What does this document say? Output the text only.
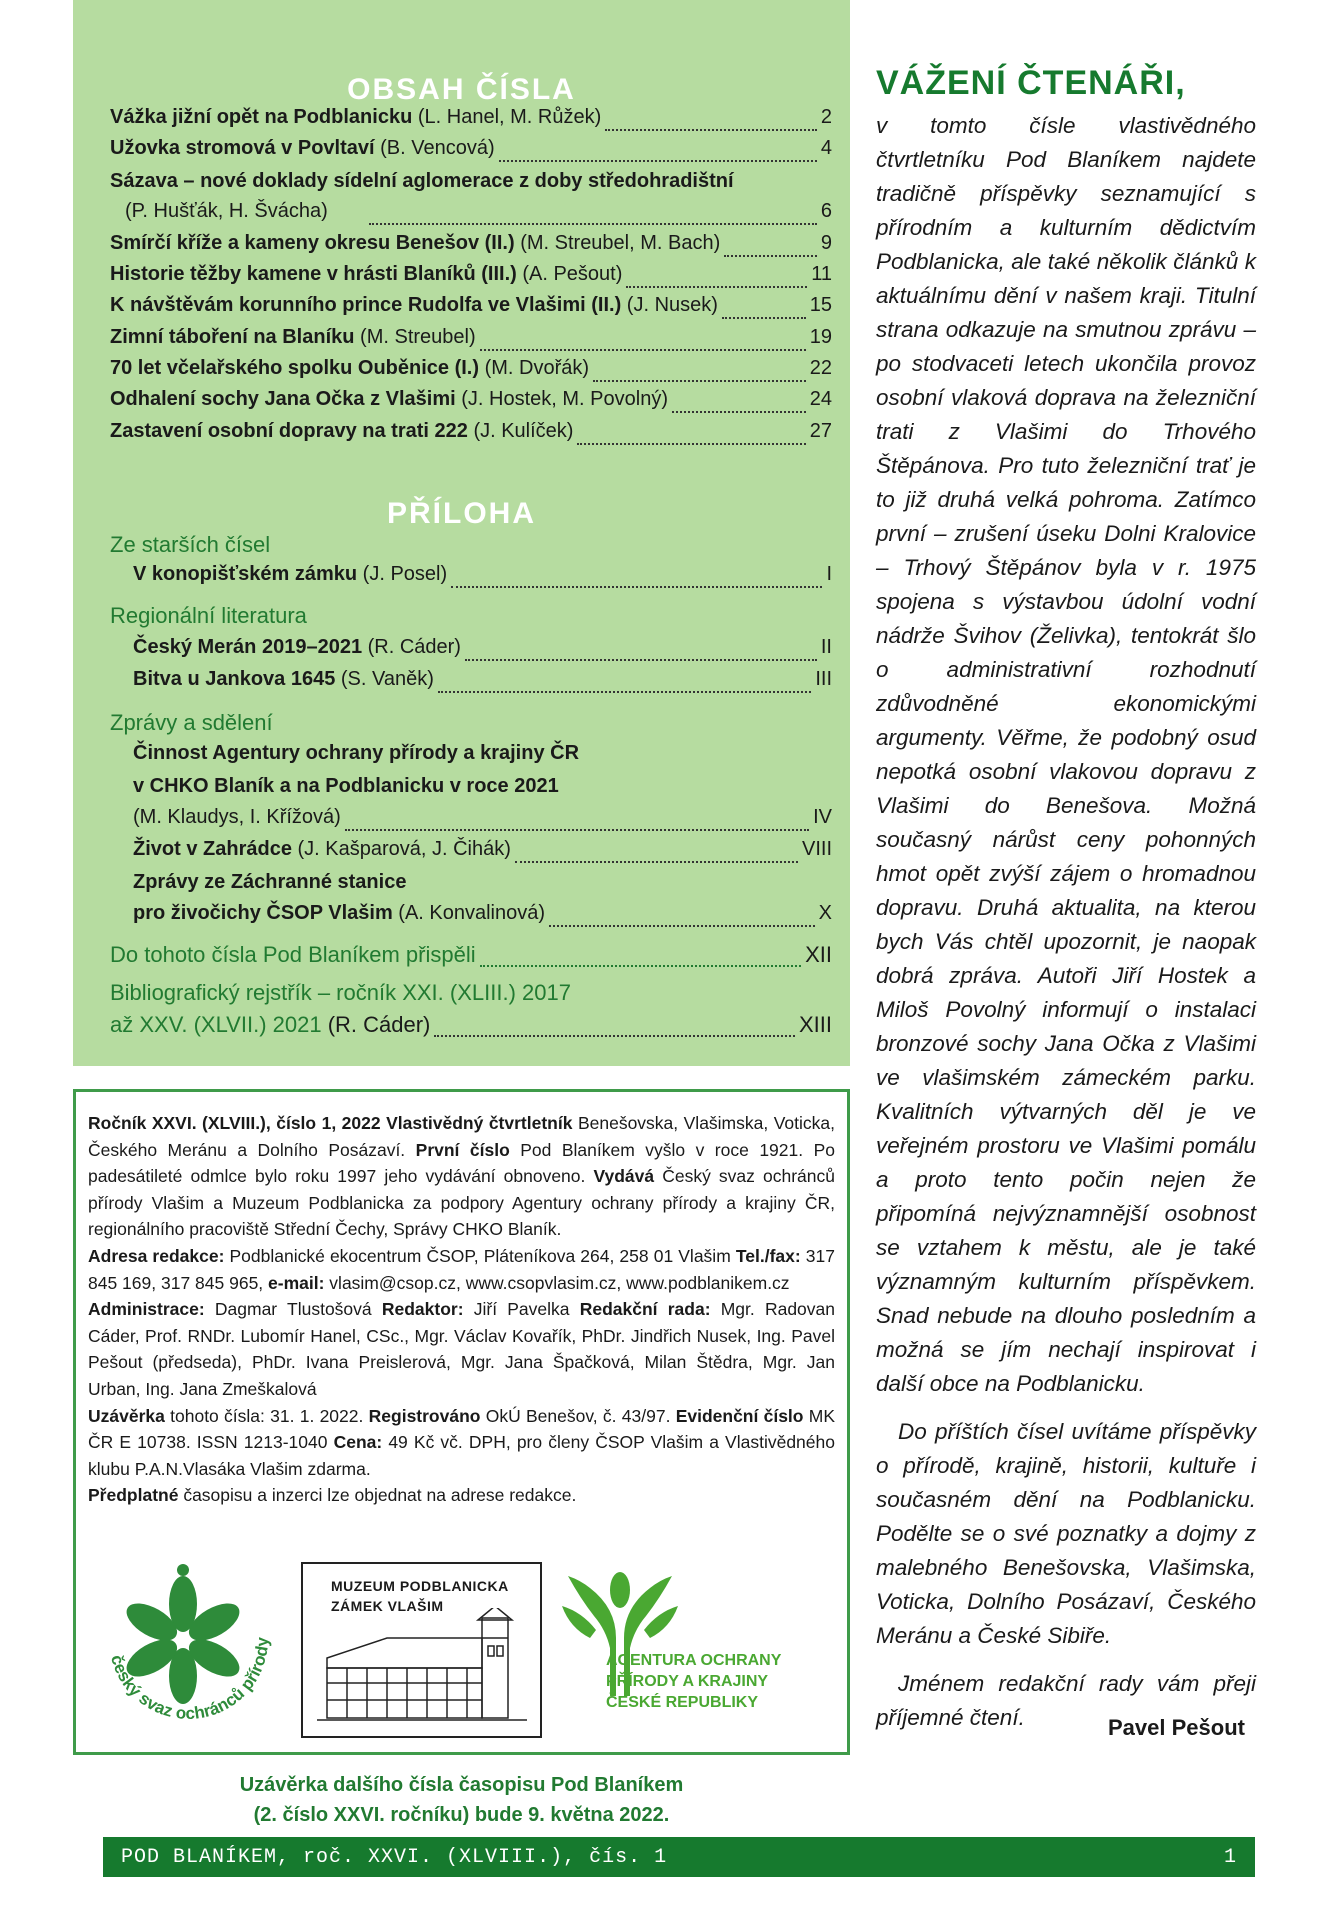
OBSAH ČÍSLA
Vážka jižní opět na Podblanicku (L. Hanel, M. Růžek)	2
Užovka stromová v Povltaví (B. Vencová)	4
Sázava – nové doklady sídelní aglomerace z doby středohradištní
(P. Hušťák, H. Švácha)	6
Smírčí kříže a kameny okresu Benešov (II.) (M. Streubel, M. Bach)	9
Historie těžby kamene v hrásti Blaníků (III.) (A. Pešout)	11
K návštěvám korunního prince Rudolfa ve Vlašimi (II.) (J. Nusek)	15
Zimní táboření na Blaníku (M. Streubel)	19
70 let včelařského spolku Ouběnice (I.) (M. Dvořák)	22
Odhalení sochy Jana Očka z Vlašimi (J. Hostek, M. Povolný)	24
Zastavení osobní dopravy na trati 222 (J. Kulíček)	27
PŘÍLOHA
Ze starších čísel
V konopišťském zámku (J. Posel)	I
Regionální literatura
Český Merán 2019–2021 (R. Cáder)	II
Bitva u Jankova 1645 (S. Vaněk)	III
Zprávy a sdělení
Činnost Agentury ochrany přírody a krajiny ČR
v CHKO Blaník a na Podblanicku v roce 2021
(M. Klaudys, I. Křížová)	IV
Život v Zahrádce (J. Kašparová, J. Čihák)	VIII
Zprávy ze Záchranné stanice
pro živočichy ČSOP Vlašim (A. Konvalinová)	X
Do tohoto čísla Pod Blaníkem přispěli	XII
Bibliografický rejstřík – ročník XXI. (XLIII.) 2017
až XXV. (XLVII.) 2021 (R. Cáder)	XIII

Ročník XXVI. (XLVIII.), číslo 1, 2022 Vlastivědný čtvrtletník Benešovska, Vlašimska, Voticka, Českého Meránu a Dolního Posázaví. První číslo Pod Blaníkem vyšlo v roce 1921. Po padesátileté odmlce bylo roku 1997 jeho vydávání obnoveno. Vydává Český svaz ochránců přírody Vlašim a Muzeum Podblanicka za podpory Agentury ochrany přírody a krajiny ČR, regionálního pracoviště Střední Čechy, Správy CHKO Blaník.

Adresa redakce: Podblanické ekocentrum ČSOP, Pláteníkova 264, 258 01 Vlašim Tel./fax: 317 845 169, 317 845 965, e-mail: vlasim@csop.cz, www.csopvlasim.cz, www.podblanikem.cz

Administrace: Dagmar Tlustošová Redaktor: Jiří Pavelka Redakční rada: Mgr. Radovan Cáder, Prof. RNDr. Lubomír Hanel, CSc., Mgr. Václav Kovařík, PhDr. Jindřich Nusek, Ing. Pavel Pešout (předseda), PhDr. Ivana Preislerová, Mgr. Jana Špačková, Milan Štědra, Mgr. Jan Urban, Ing. Jana Zmeškalová

Uzávěrka tohoto čísla: 31. 1. 2022. Registrováno OkÚ Benešov, č. 43/97. Evidenční číslo MK ČR E 10738. ISSN 1213-1040 Cena: 49 Kč vč. DPH, pro členy ČSOP Vlašim a Vlastivědného klubu P.A.N.Vlasáka Vlašim zdarma.

Předplatné časopisu a inzerci lze objednat na adrese redakce.

český svaz ochránců přírody
MUZEUM PODBLANICKA
ZÁMEK VLAŠIM
AGENTURA OCHRANY
PŘÍRODY A KRAJINY
ČESKÉ REPUBLIKY
Uzávěrka dalšího čísla časopisu Pod Blaníkem
(2. číslo XXVI. ročníku) bude 9. května 2022.
POD BLANÍKEM, roč. XXVI. (XLVIII.), čís. 1	1
VÁŽENÍ ČTENÁŘI,

v tomto čísle vlastivědného čtvrtletníku Pod Blaníkem najdete tradičně příspěvky seznamující s přírodním a kulturním dědictvím Podblanicka, ale také několik článků k aktuálnímu dění v našem kraji. Titulní strana odkazuje na smutnou zprávu – po stodvaceti letech ukončila provoz osobní vlaková doprava na železniční trati z Vlašimi do Trhového Štěpánova. Pro tuto železniční trať je to již druhá velká pohroma. Zatímco první – zrušení úseku Dolni Kralovice – Trhový Štěpánov byla v r. 1975 spojena s výstavbou údolní vodní nádrže Švihov (Želivka), tentokrát šlo o administrativní rozhodnutí zdůvodněné ekonomickými argumenty. Věřme, že podobný osud nepotká osobní vlakovou dopravu z Vlašimi do Benešova. Možná současný nárůst ceny pohonných hmot opět zvýší zájem o hromadnou dopravu. Druhá aktualita, na kterou bych Vás chtěl upozornit, je naopak dobrá zpráva. Autoři Jiří Hostek a Miloš Povolný informují o instalaci bronzové sochy Jana Očka z Vlašimi ve vlašimském zámeckém parku. Kvalitních výtvarných děl je ve veřejném prostoru ve Vlašimi pomálu a proto tento počin nejen že připomíná nejvýznamnější osobnost se vztahem k městu, ale je také významným kulturním příspěvkem. Snad nebude na dlouho posledním a možná se jím nechají inspirovat i další obce na Podblanicku.

Do příštích čísel uvítáme příspěvky o přírodě, krajině, historii, kultuře i současném dění na Podblanicku. Podělte se o své poznatky a dojmy z malebného Benešovska, Vlašimska, Voticka, Dolního Posázaví, Českého Meránu a České Sibiře.

Jménem redakční rady vám přeji příjemné čtení.	Pavel Pešout
